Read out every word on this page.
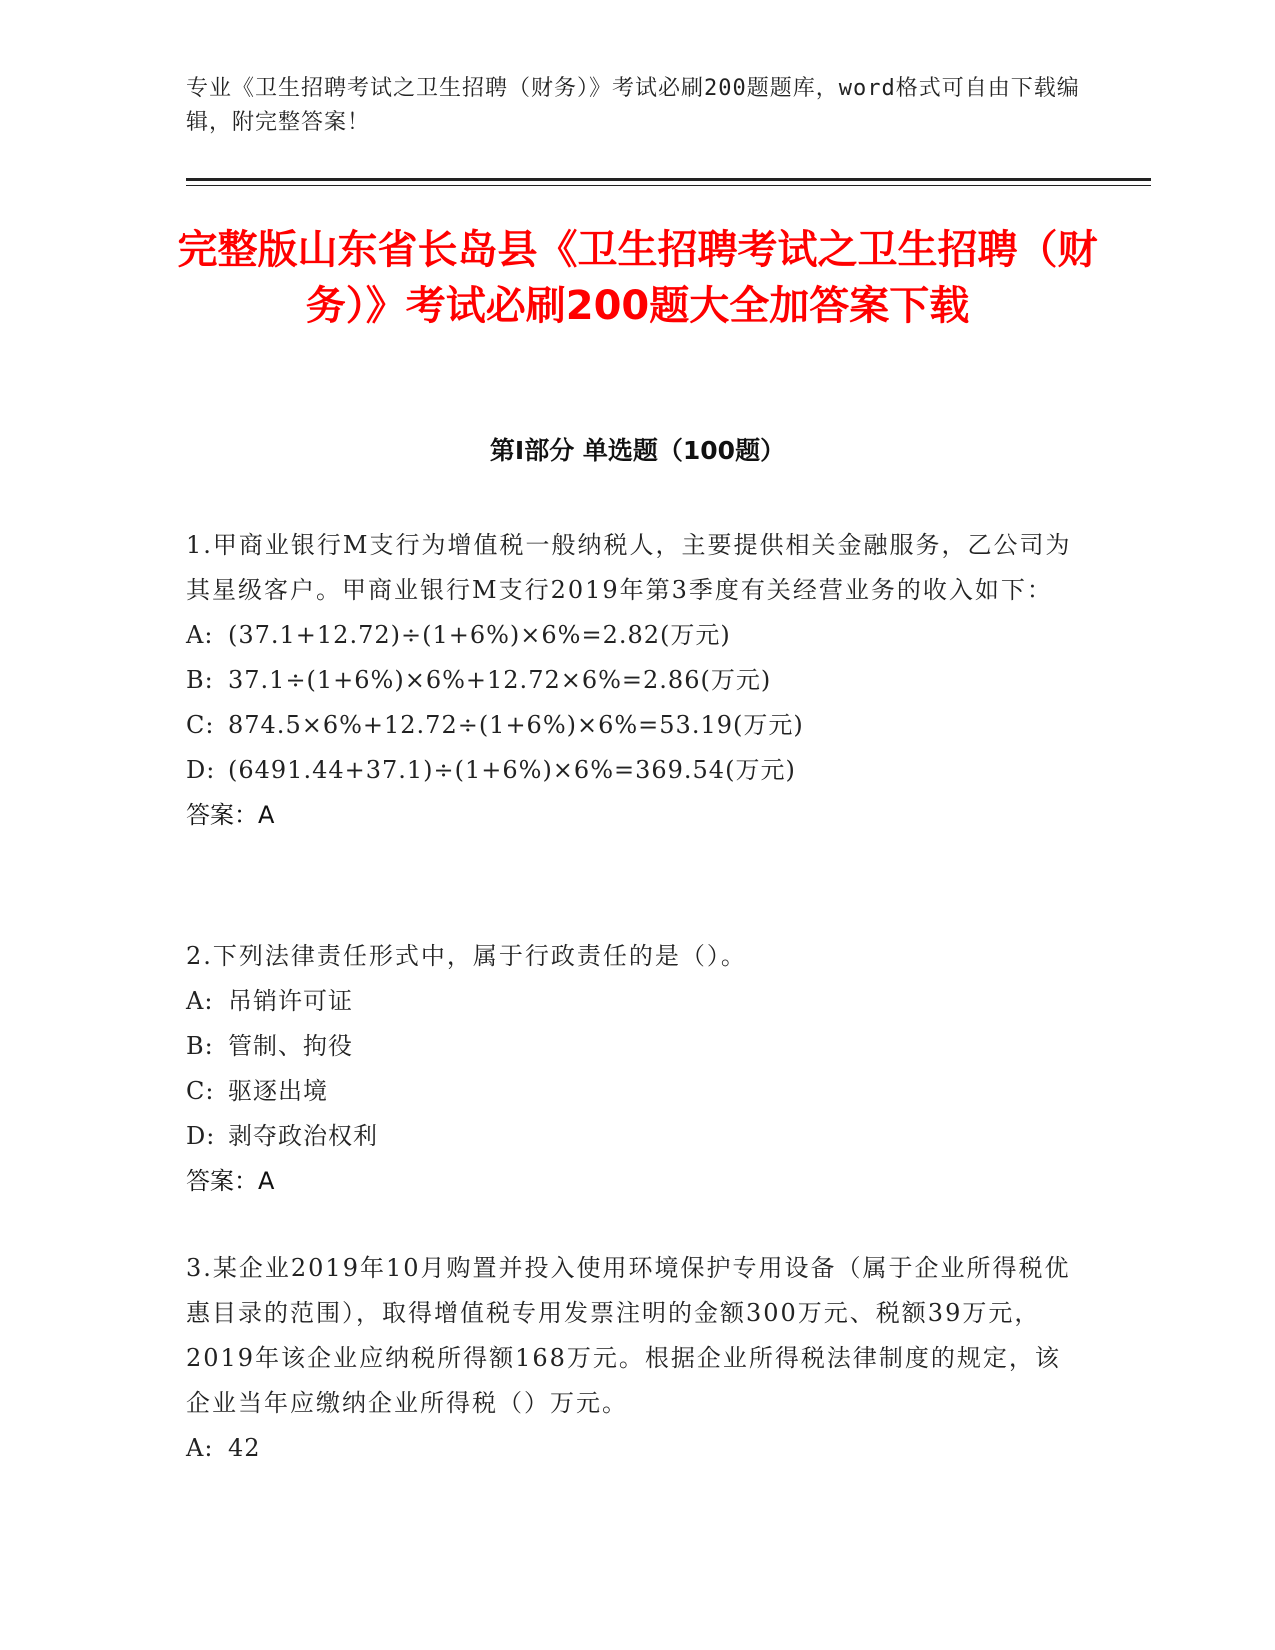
专业《卫生招聘考试之卫生招聘（财务）》考试必刷200题题库，word格式可自由下载编辑，附完整答案！
完整版山东省长岛县《卫生招聘考试之卫生招聘（财务）》考试必刷200题大全加答案下载
第I部分 单选题（100题）
1.甲商业银行M支行为增值税一般纳税人，主要提供相关金融服务，乙公司为其星级客户。甲商业银行M支行2019年第3季度有关经营业务的收入如下：
A: (37.1+12.72)÷(1+6%)×6%=2.82(万元)
B: 37.1÷(1+6%)×6%+12.72×6%=2.86(万元)
C: 874.5×6%+12.72÷(1+6%)×6%=53.19(万元)
D: (6491.44+37.1)÷(1+6%)×6%=369.54(万元)
答案：A
2.下列法律责任形式中，属于行政责任的是（）。
A: 吊销许可证
B: 管制、拘役
C: 驱逐出境
D: 剥夺政治权利
答案：A
3.某企业2019年10月购置并投入使用环境保护专用设备（属于企业所得税优惠目录的范围），取得增值税专用发票注明的金额300万元、税额39万元，2019年该企业应纳税所得额168万元。根据企业所得税法律制度的规定，该企业当年应缴纳企业所得税（）万元。
A: 42
